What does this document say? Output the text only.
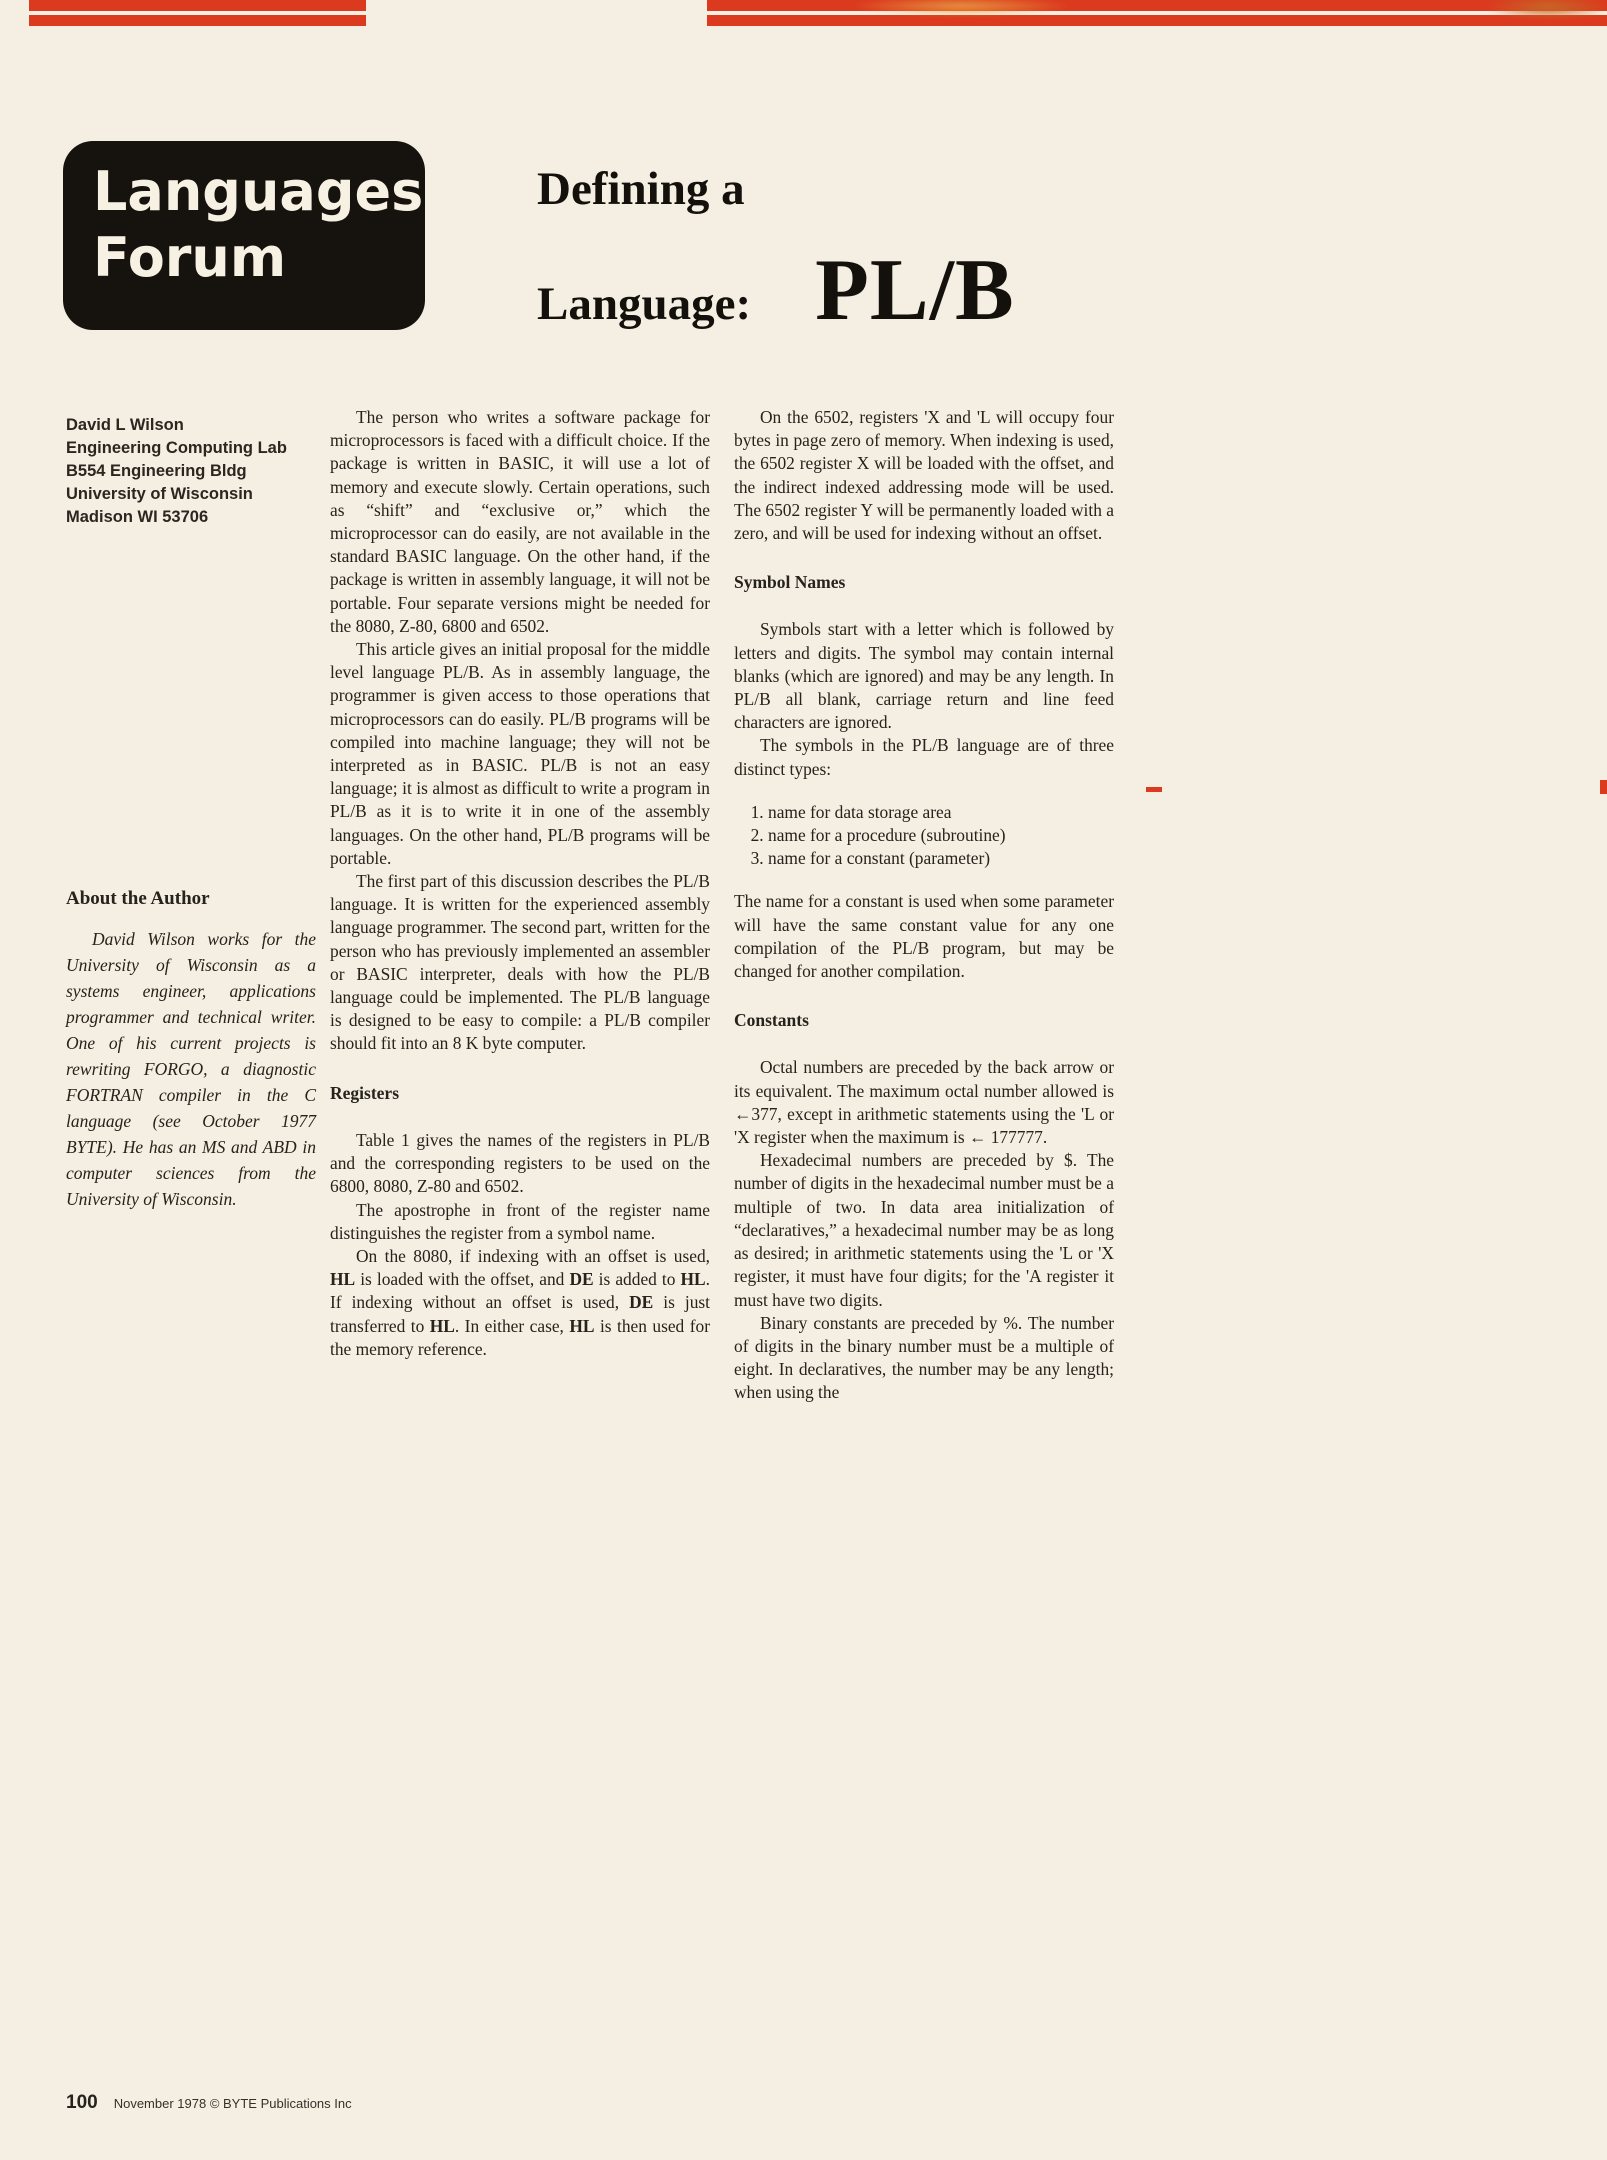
Languages
Forum
Defining a
Language: PL/B
David L Wilson
Engineering Computing Lab
B554 Engineering Bldg
University of Wisconsin
Madison WI 53706
About the Author

David Wilson works for the University of Wisconsin as a systems engineer, applications programmer and technical writer. One of his current projects is rewriting FORGO, a diagnostic FORTRAN compiler in the C language (see October 1977 BYTE). He has an MS and ABD in computer sciences from the University of Wisconsin.

The person who writes a software package for microprocessors is faced with a difficult choice. If the package is written in BASIC, it will use a lot of memory and execute slowly. Certain operations, such as “shift” and “exclusive or,” which the microprocessor can do easily, are not available in the standard BASIC language. On the other hand, if the package is written in assembly language, it will not be portable. Four separate versions might be needed for the 8080, Z-80, 6800 and 6502.

This article gives an initial proposal for the middle level language PL/B. As in assembly language, the programmer is given access to those operations that microprocessors can do easily. PL/B programs will be compiled into machine language; they will not be interpreted as in BASIC. PL/B is not an easy language; it is almost as difficult to write a program in PL/B as it is to write it in one of the assembly languages. On the other hand, PL/B programs will be portable.

The first part of this discussion describes the PL/B language. It is written for the experienced assembly language programmer. The second part, written for the person who has previously implemented an assembler or BASIC interpreter, deals with how the PL/B language could be implemented. The PL/B language is designed to be easy to compile: a PL/B compiler should fit into an 8 K byte computer.

Registers

Table 1 gives the names of the registers in PL/B and the corresponding registers to be used on the 6800, 8080, Z-80 and 6502.

The apostrophe in front of the register name distinguishes the register from a symbol name.

On the 8080, if indexing with an offset is used, HL is loaded with the offset, and DE is added to HL. If indexing without an offset is used, DE is just transferred to HL. In either case, HL is then used for the memory reference.

On the 6502, registers 'X and 'L will occupy four bytes in page zero of memory. When indexing is used, the 6502 register X will be loaded with the offset, and the indirect indexed addressing mode will be used. The 6502 register Y will be permanently loaded with a zero, and will be used for indexing without an offset.

Symbol Names

Symbols start with a letter which is followed by letters and digits. The symbol may contain internal blanks (which are ignored) and may be any length. In PL/B all blank, carriage return and line feed characters are ignored.

The symbols in the PL/B language are of three distinct types:

1. name for data storage area
2. name for a procedure (subroutine)
3. name for a constant (parameter)

The name for a constant is used when some parameter will have the same constant value for any one compilation of the PL/B program, but may be changed for another compilation.

Constants

Octal numbers are preceded by the back arrow or its equivalent. The maximum octal number allowed is ←377, except in arithmetic statements using the 'L or 'X register when the maximum is ← 177777.

Hexadecimal numbers are preceded by $. The number of digits in the hexadecimal number must be a multiple of two. In data area initialization of “declaratives,” a hexadecimal number may be as long as desired; in arithmetic statements using the 'L or 'X register, it must have four digits; for the 'A register it must have two digits.

Binary constants are preceded by %. The number of digits in the binary number must be a multiple of eight. In declaratives, the number may be any length; when using the

100 November 1978 © BYTE Publications Inc
